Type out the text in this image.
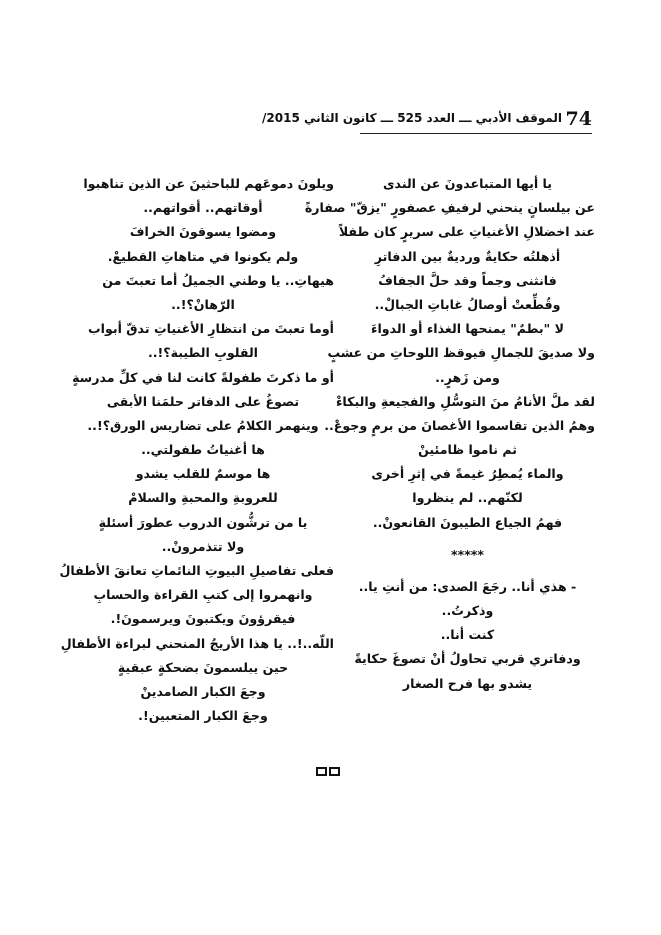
74
الموقف الأدبي ـــ العدد 525 ـــ كانون الثاني 2015/
يا أيها المتباعدونَ عن الندى
عن بيلسانٍ ينحني لرفيفِ عصفورٍ "يزقّ" صفارةً
عند اخضلالِ الأغنياتِ على سريرٍ كان طفلاً
أذهلتُه حكايةٌ ورديةٌ بين الدفاترِ
فانثنى وجماً وقد حلَّ الجفافُ
وقُطِّعتْ أوصالُ غاباتِ الجبالْ..
لا "بطمٌ" يمنحها الغذاء أو الدواءَ
ولا صديقَ للجمالِ فيوقظ اللوحاتِ من عشبٍ
ومن زَهرٍ..
لقد ملَّ الأنامُ منَ التوسُّلِ والفجيعةِ والبكاءْ
وهمُ الذين تقاسموا الأغصانَ من برمٍ وجوعْ..
ثم ناموا ظامئينْ
والماء يُمطِرُ غيمةً في إثرِ أخرى
لكنّهم.. لم ينظروا
فهمُ الجياع الطيبونَ القانعونْ..
*****
- هذي أنا.. رجَعَ الصدى: من أنتِ يا..
وذكرتُ..
كنت أنا..
ودفاتري قربي تحاولُ أنْ تصوغَ حكايةً
يشدو بها فرح الصغار
ويلونَ دموعَهم للباحثينَ عن الذين تناهبوا
أوقاتهم.. أقواتهم..
ومضوا يسوقونَ الخرافَ
ولم يكونوا في متاهاتِ القطيعْ.
هيهاتِ.. يا وطني الجميلُ أما تعبتَ من
الرّهانْ؟!..
أوما تعبتَ من انتظارِ الأغنياتِ تدقّ أبواب
القلوبِ الطيبة؟!..
أو ما ذكرتَ طفولةً كانت لنا في كلِّ مدرسةٍ
تصوغُ على الدفاتر حلمَنا الأبقى
وينهمر الكلامُ على تضاريس الورق؟!..
ها أغنياتُ طفولتي..
ها موسمٌ للقلب يشدو
للعروبةِ والمحبةِ والسلامْ
يا من ترشُّون الدروب عطورَ أسئلةٍ
ولا تتذمرونْ..
فعلى تفاصيلِ البيوتِ النائماتِ تعانقَ الأطفالُ
وانهمروا إلى كتبِ القراءة والحسابِ
فيقرؤونَ ويكتبونَ ويرسمونَ!.
اللّه..!.. يا هذا الأريجُ المنحني لبراءة الأطفالِ
حين يبلسمونَ بضحكةٍ عبقيةٍ
وجعَ الكبار الصامدينْ
وجعَ الكبار المتعبين!.
